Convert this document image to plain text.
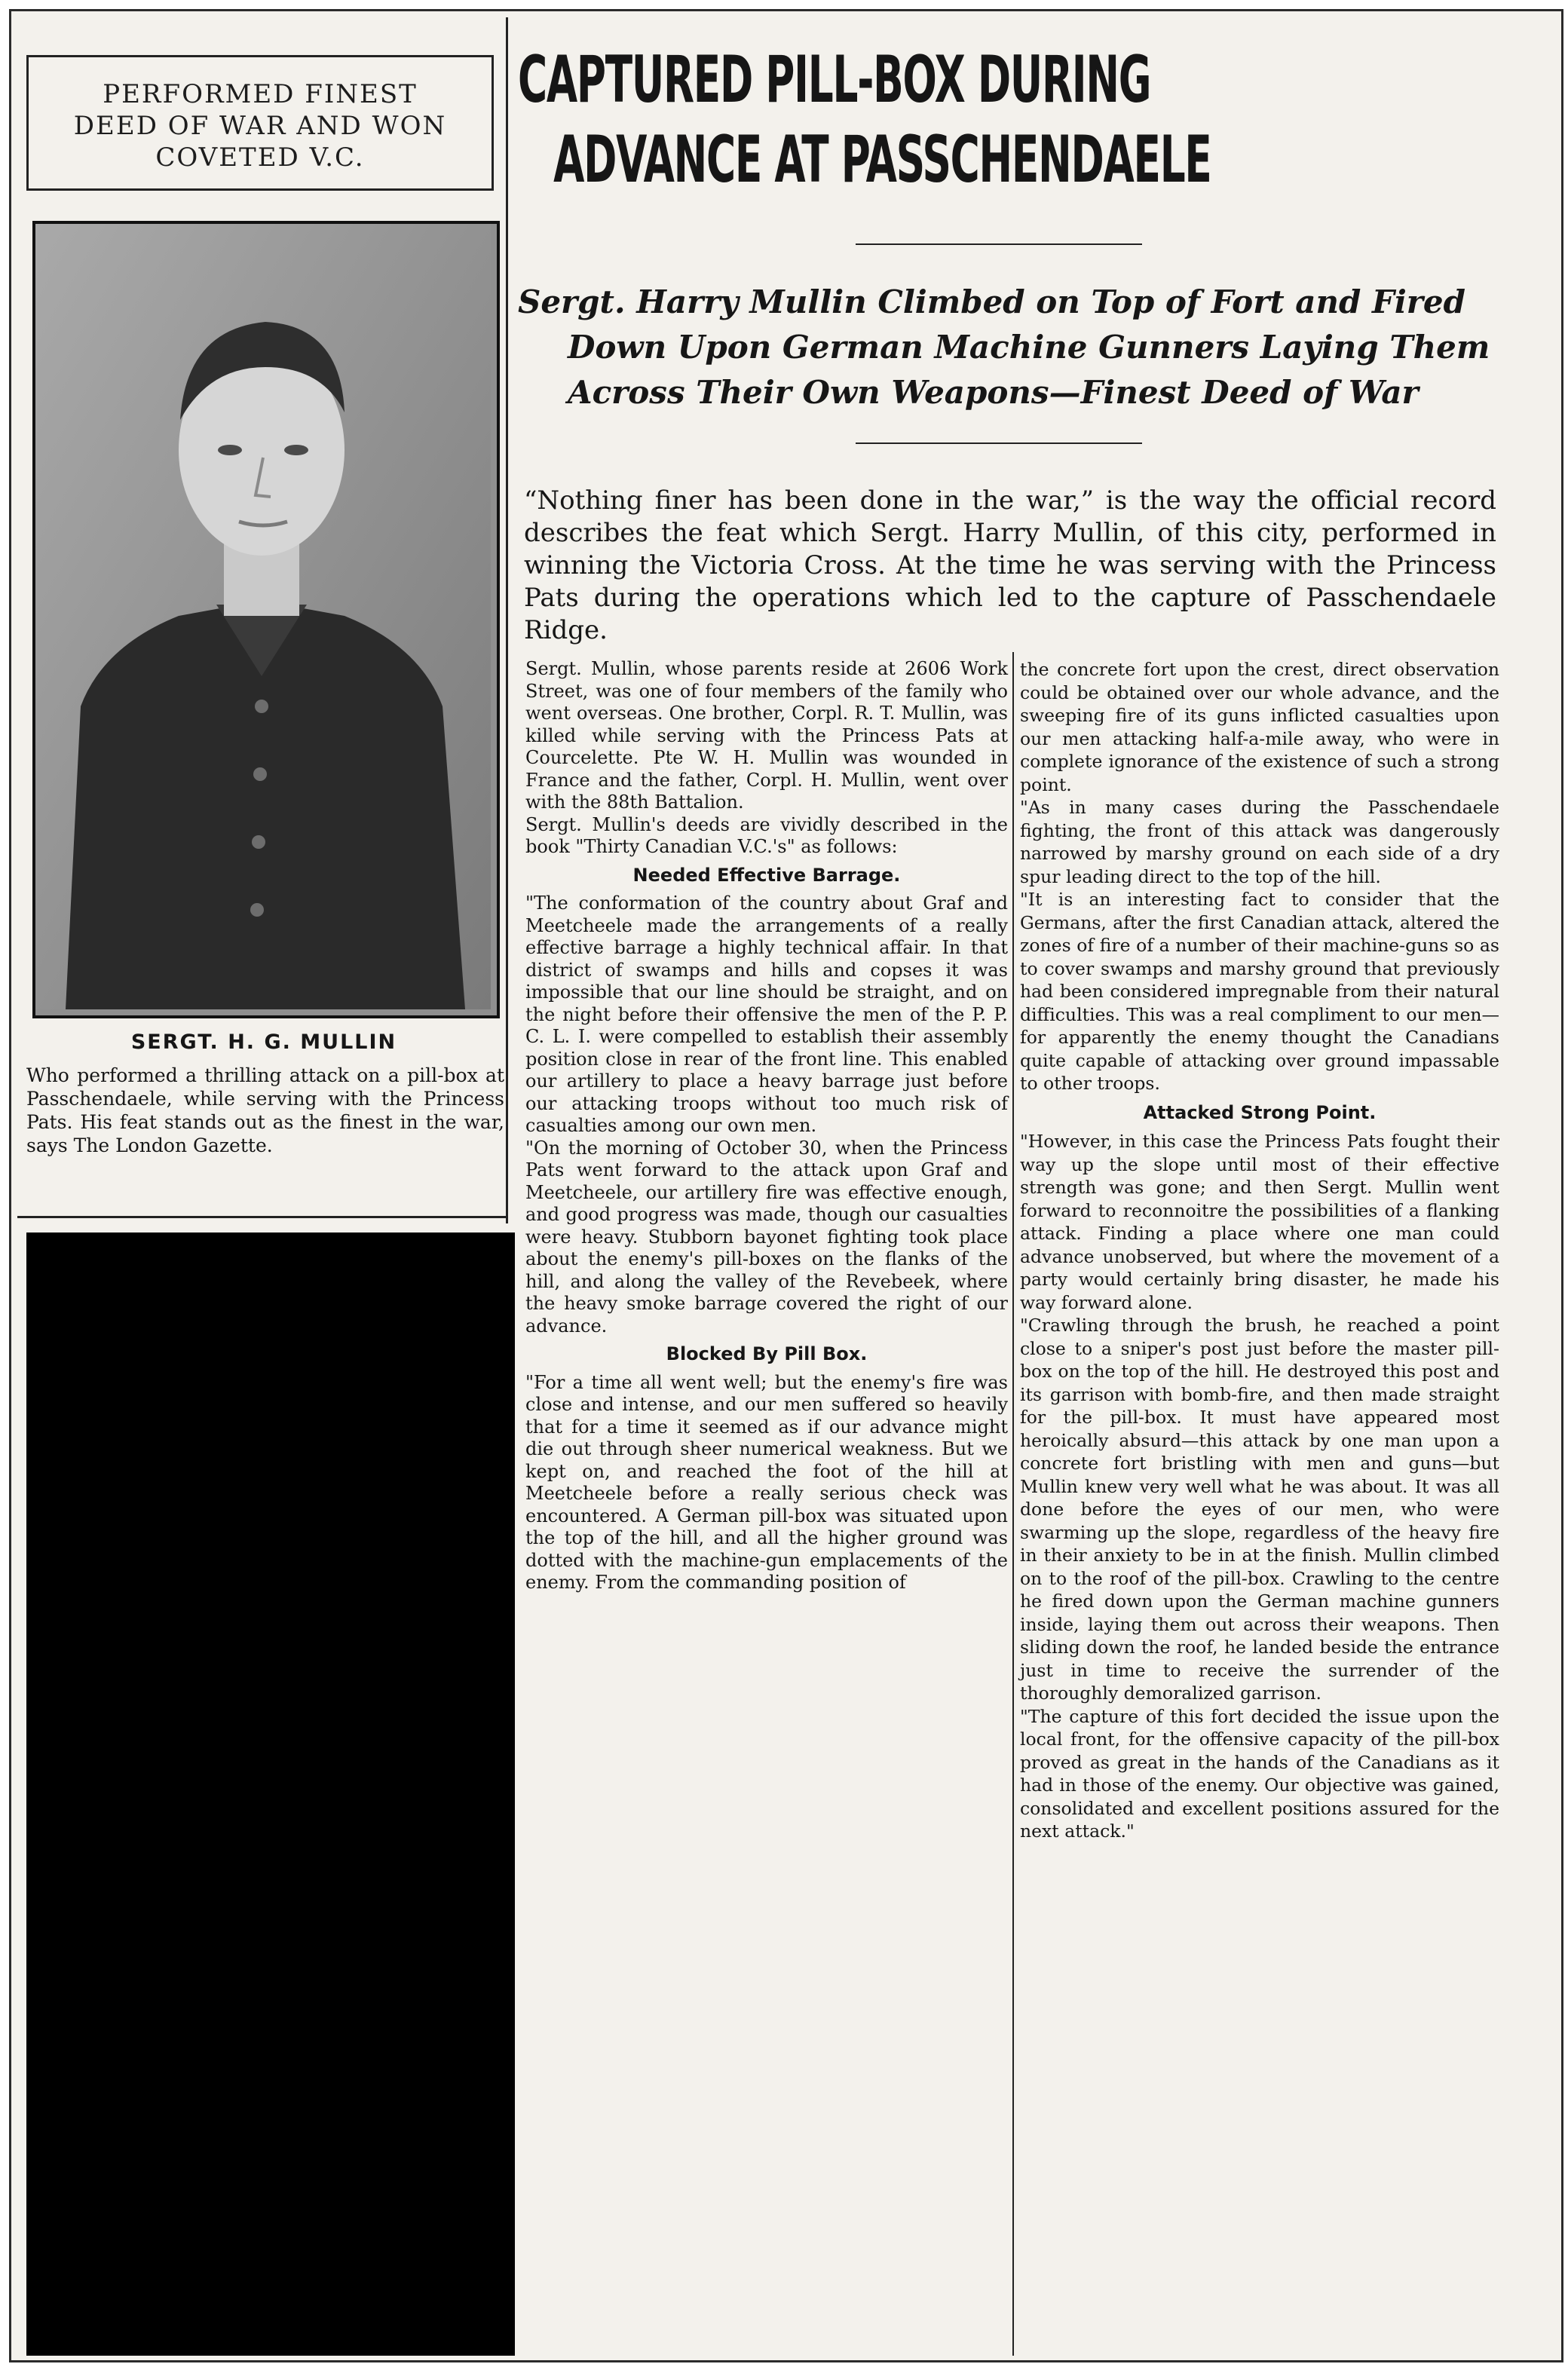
PERFORMED FINEST
DEED OF WAR AND WON
COVETED V.C.
SERGT. H. G. MULLIN
Who performed a thrilling attack on a pill-box at Passchendaele, while serving with the Princess Pats. His feat stands out as the finest in the war, says The London Gazette.
CAPTURED PILL-BOX DURING
ADVANCE AT PASSCHENDAELE
Sergt. Harry Mullin Climbed on Top of Fort and Fired
Down Upon German Machine Gunners Laying Them
Across Their Own Weapons—Finest Deed of War
“Nothing finer has been done in the war,” is the way the official record describes the feat which Sergt. Harry Mullin, of this city, performed in winning the Victoria Cross. At the time he was serving with the Princess Pats during the operations which led to the capture of Passchendaele Ridge.

Sergt. Mullin, whose parents reside at 2606 Work Street, was one of four members of the family who went overseas. One brother, Corpl. R. T. Mullin, was killed while serving with the Princess Pats at Courcelette. Pte W. H. Mullin was wounded in France and the father, Corpl. H. Mullin, went over with the 88th Battalion.

Sergt. Mullin's deeds are vividly described in the book "Thirty Canadian V.C.'s" as follows:

Needed Effective Barrage.

"The conformation of the country about Graf and Meetcheele made the arrangements of a really effective barrage a highly technical affair. In that district of swamps and hills and copses it was impossible that our line should be straight, and on the night before their offensive the men of the P. P. C. L. I. were compelled to establish their assembly position close in rear of the front line. This enabled our artillery to place a heavy barrage just before our attacking troops without too much risk of casualties among our own men.

"On the morning of October 30, when the Princess Pats went forward to the attack upon Graf and Meetcheele, our artillery fire was effective enough, and good progress was made, though our casualties were heavy. Stubborn bayonet fighting took place about the enemy's pill-boxes on the flanks of the hill, and along the valley of the Revebeek, where the heavy smoke barrage covered the right of our advance.

Blocked By Pill Box.

"For a time all went well; but the enemy's fire was close and intense, and our men suffered so heavily that for a time it seemed as if our advance might die out through sheer numerical weakness. But we kept on, and reached the foot of the hill at Meetcheele before a really serious check was encountered. A German pill-box was situated upon the top of the hill, and all the higher ground was dotted with the machine-gun emplacements of the enemy. From the commanding position of

the concrete fort upon the crest, direct observation could be obtained over our whole advance, and the sweeping fire of its guns inflicted casualties upon our men attacking half-a-mile away, who were in complete ignorance of the existence of such a strong point.

"As in many cases during the Passchendaele fighting, the front of this attack was dangerously narrowed by marshy ground on each side of a dry spur leading direct to the top of the hill.

"It is an interesting fact to consider that the Germans, after the first Canadian attack, altered the zones of fire of a number of their machine-guns so as to cover swamps and marshy ground that previously had been considered impregnable from their natural difficulties. This was a real compliment to our men—for apparently the enemy thought the Canadians quite capable of attacking over ground impassable to other troops.

Attacked Strong Point.

"However, in this case the Princess Pats fought their way up the slope until most of their effective strength was gone; and then Sergt. Mullin went forward to reconnoitre the possibilities of a flanking attack. Finding a place where one man could advance unobserved, but where the movement of a party would certainly bring disaster, he made his way forward alone.

"Crawling through the brush, he reached a point close to a sniper's post just before the master pill-box on the top of the hill. He destroyed this post and its garrison with bomb-fire, and then made straight for the pill-box. It must have appeared most heroically absurd—this attack by one man upon a concrete fort bristling with men and guns—but Mullin knew very well what he was about. It was all done before the eyes of our men, who were swarming up the slope, regardless of the heavy fire in their anxiety to be in at the finish. Mullin climbed on to the roof of the pill-box. Crawling to the centre he fired down upon the German machine gunners inside, laying them out across their weapons. Then sliding down the roof, he landed beside the entrance just in time to receive the surrender of the thoroughly demoralized garrison.

"The capture of this fort decided the issue upon the local front, for the offensive capacity of the pill-box proved as great in the hands of the Canadians as it had in those of the enemy. Our objective was gained, consolidated and excellent positions assured for the next attack."
